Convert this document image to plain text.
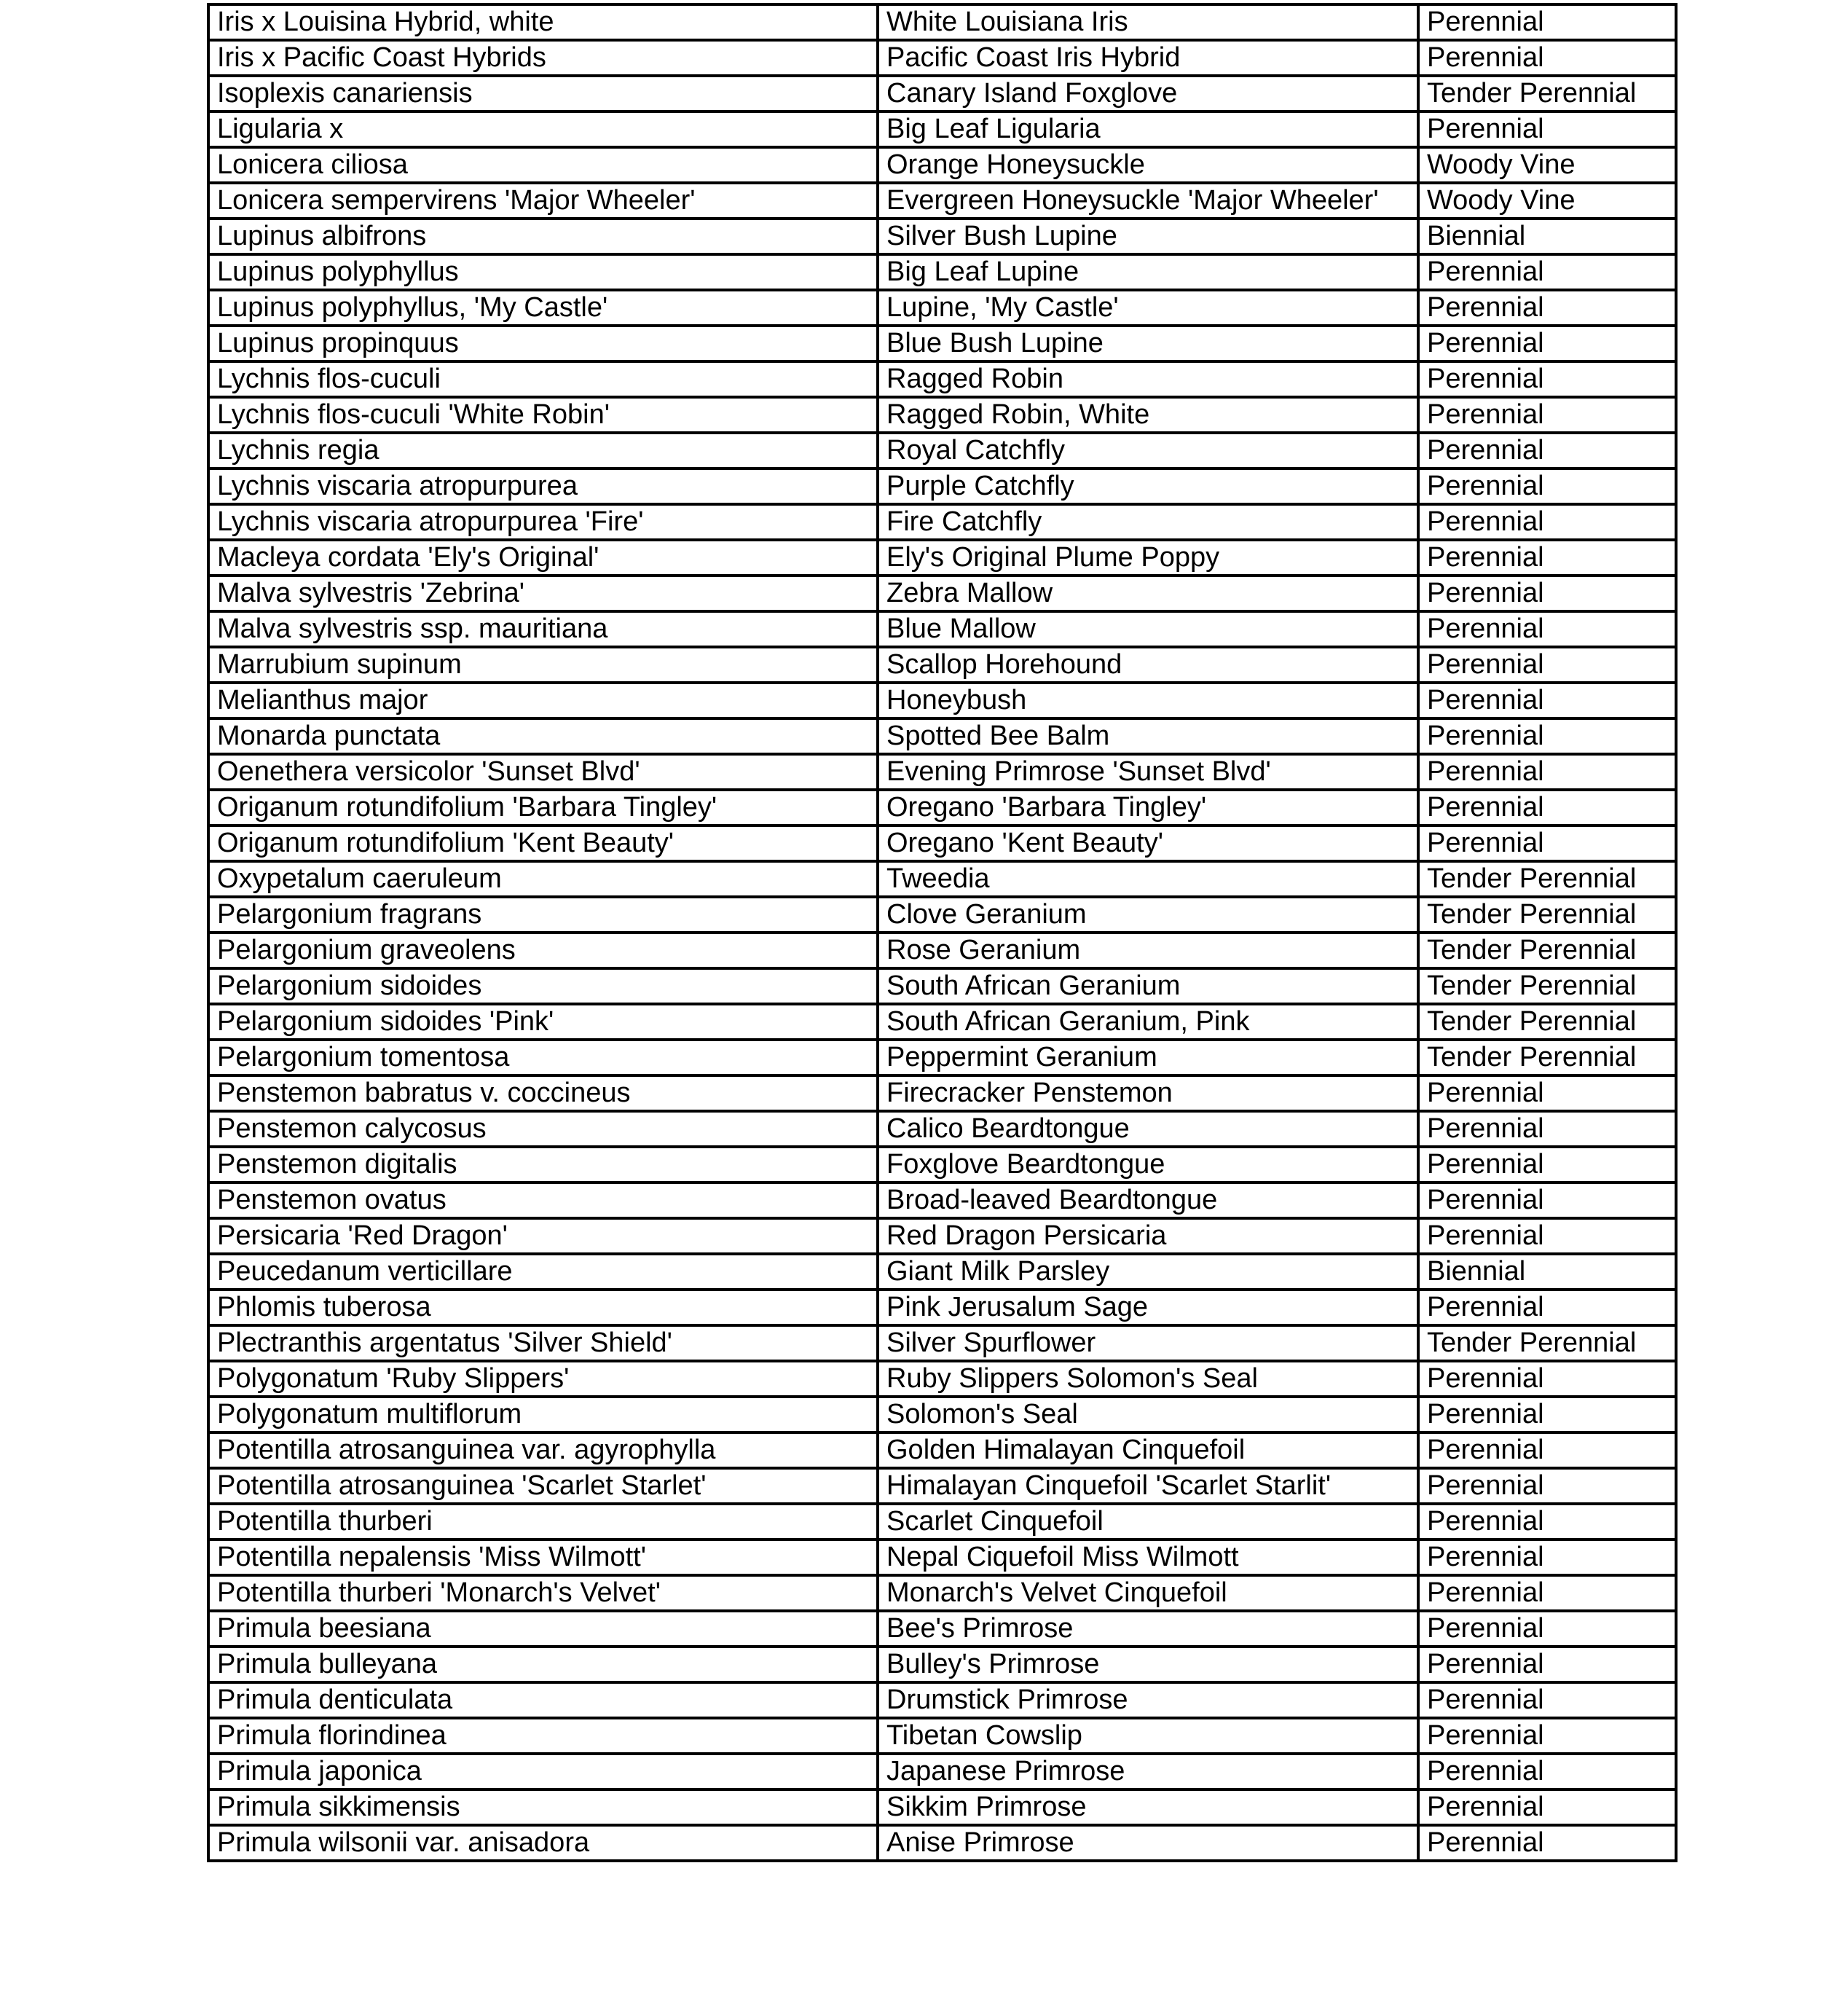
Iris x Louisina Hybrid, white	White Louisiana Iris	Perennial
Iris x Pacific Coast Hybrids	Pacific Coast Iris Hybrid	Perennial
Isoplexis canariensis	Canary Island Foxglove	Tender Perennial
Ligularia x	Big Leaf Ligularia	Perennial
Lonicera ciliosa	Orange Honeysuckle	Woody Vine
Lonicera sempervirens 'Major Wheeler'	Evergreen Honeysuckle 'Major Wheeler'	Woody Vine
Lupinus albifrons	Silver Bush Lupine	Biennial
Lupinus polyphyllus	Big Leaf Lupine	Perennial
Lupinus polyphyllus, 'My Castle'	Lupine, 'My Castle'	Perennial
Lupinus propinquus	Blue Bush Lupine	Perennial
Lychnis flos-cuculi	Ragged Robin	Perennial
Lychnis flos-cuculi 'White Robin'	Ragged Robin, White	Perennial
Lychnis regia	Royal Catchfly	Perennial
Lychnis viscaria atropurpurea	Purple Catchfly	Perennial
Lychnis viscaria atropurpurea 'Fire'	Fire Catchfly	Perennial
Macleya cordata 'Ely's Original'	Ely's Original Plume Poppy	Perennial
Malva sylvestris 'Zebrina'	Zebra Mallow	Perennial
Malva sylvestris ssp. mauritiana	Blue Mallow	Perennial
Marrubium supinum	Scallop Horehound	Perennial
Melianthus major	Honeybush	Perennial
Monarda punctata	Spotted Bee Balm	Perennial
Oenethera versicolor 'Sunset Blvd'	Evening Primrose 'Sunset Blvd'	Perennial
Origanum rotundifolium 'Barbara Tingley'	Oregano 'Barbara Tingley'	Perennial
Origanum rotundifolium 'Kent Beauty'	Oregano 'Kent Beauty'	Perennial
Oxypetalum caeruleum	Tweedia	Tender Perennial
Pelargonium fragrans	Clove Geranium	Tender Perennial
Pelargonium graveolens	Rose Geranium	Tender Perennial
Pelargonium sidoides	South African Geranium	Tender Perennial
Pelargonium sidoides 'Pink'	South African Geranium, Pink	Tender Perennial
Pelargonium tomentosa	Peppermint Geranium	Tender Perennial
Penstemon babratus v. coccineus	Firecracker Penstemon	Perennial
Penstemon calycosus	Calico Beardtongue	Perennial
Penstemon digitalis	Foxglove Beardtongue	Perennial
Penstemon ovatus	Broad-leaved Beardtongue	Perennial
Persicaria 'Red Dragon'	Red Dragon Persicaria	Perennial
Peucedanum verticillare	Giant Milk Parsley	Biennial
Phlomis tuberosa	Pink Jerusalum Sage	Perennial
Plectranthis argentatus 'Silver Shield'	Silver Spurflower	Tender Perennial
Polygonatum 'Ruby Slippers'	Ruby Slippers Solomon's Seal	Perennial
Polygonatum multiflorum	Solomon's Seal	Perennial
Potentilla atrosanguinea var. agyrophylla	Golden Himalayan Cinquefoil	Perennial
Potentilla atrosanguinea 'Scarlet Starlet'	Himalayan Cinquefoil 'Scarlet Starlit'	Perennial
Potentilla thurberi	Scarlet Cinquefoil	Perennial
Potentilla nepalensis 'Miss Wilmott'	Nepal Ciquefoil Miss Wilmott	Perennial
Potentilla thurberi 'Monarch's Velvet'	Monarch's Velvet Cinquefoil	Perennial
Primula beesiana	Bee's Primrose	Perennial
Primula bulleyana	Bulley's Primrose	Perennial
Primula denticulata	Drumstick Primrose	Perennial
Primula florindinea	Tibetan Cowslip	Perennial
Primula japonica	Japanese Primrose	Perennial
Primula sikkimensis	Sikkim Primrose	Perennial
Primula wilsonii var. anisadora	Anise Primrose	Perennial
